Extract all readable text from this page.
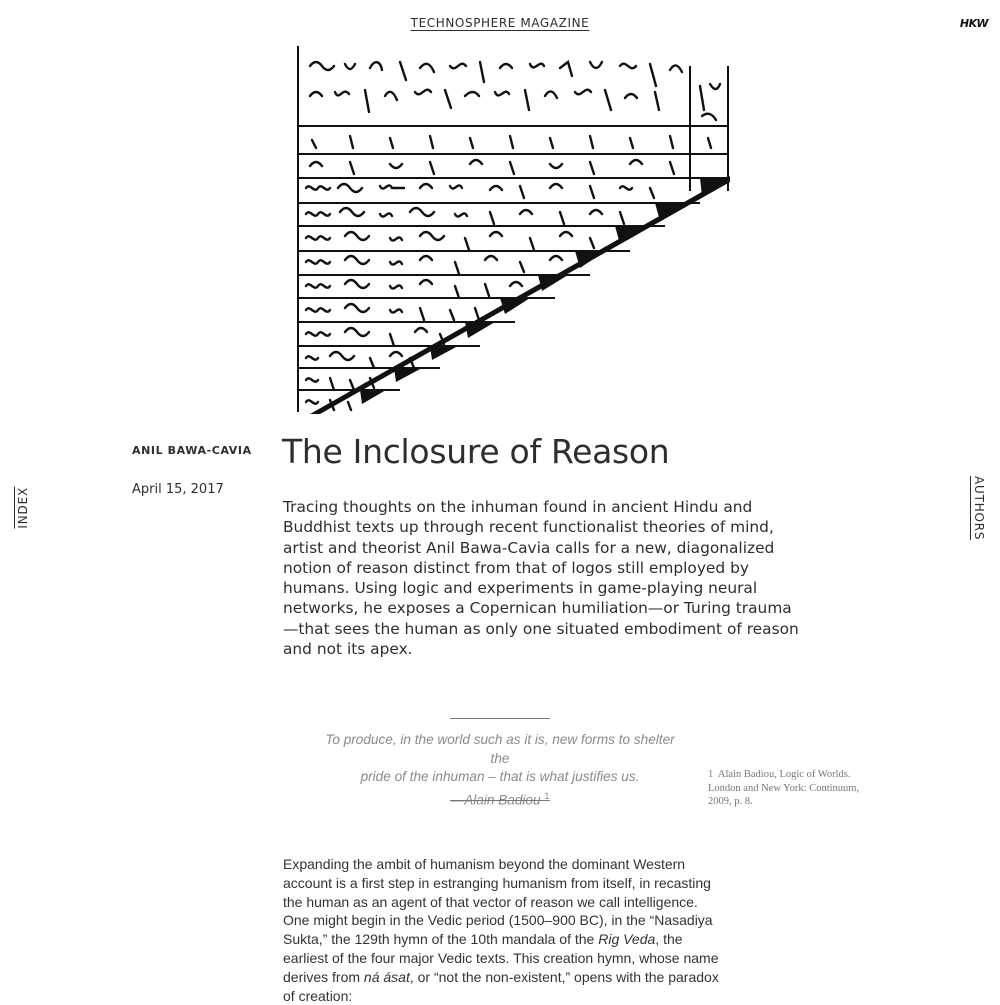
TECHNOSPHERE MAGAZINE	HKW
INDEX	AUTHORS
ANIL BAWA-CAVIA
April 15, 2017
The Inclosure of Reason

Tracing thoughts on the inhuman found in ancient Hindu and Buddhist texts up through recent functionalist theories of mind, artist and theorist Anil Bawa-Cavia calls for a new, diagonalized notion of reason distinct from that of logos still employed by humans. Using logic and experiments in game-playing neural networks, he exposes a Copernican humiliation—or Turing trauma—that sees the human as only one situated embodiment of reason and not its apex.

To produce, in the world such as it is, new forms to shelter the
pride of the inhuman – that is what justifies us.
—Alain Badiou $^1$

1 Alain Badiou, Logic of Worlds. London and New York: Continuum, 2009, p. 8.

Expanding the ambit of humanism beyond the dominant Western account is a first step in estranging humanism from itself, in recasting the human as an agent of that vector of reason we call intelligence. One might begin in the Vedic period (1500–900 BC), in the “Nasadiya Sukta,” the 129th hymn of the 10th mandala of the Rig Veda, the earliest of the four major Vedic texts. This creation hymn, whose name derives from ná ásat, or “not the non-existent,” opens with the paradox of creation:
